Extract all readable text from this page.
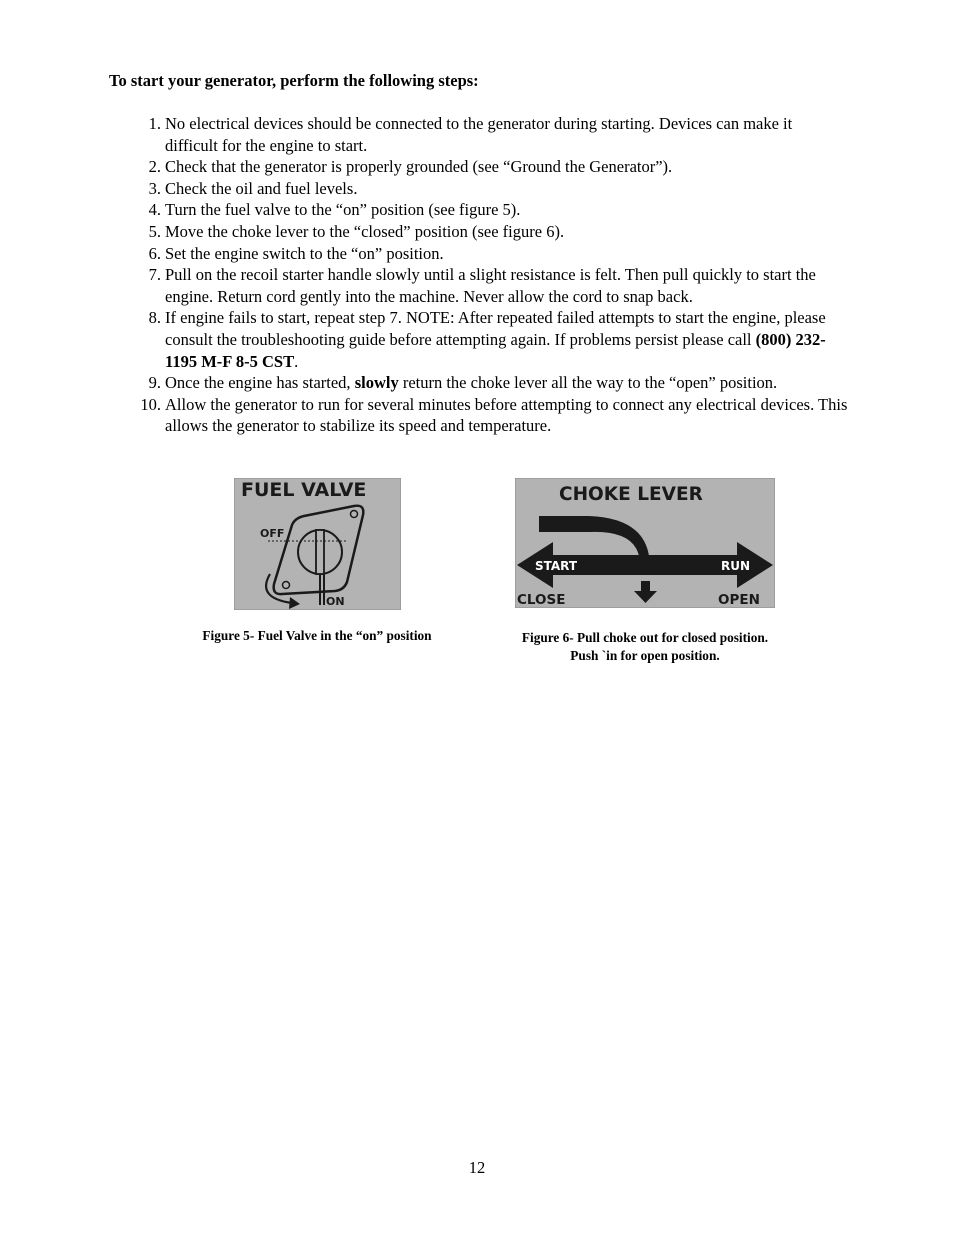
To start your generator, perform the following steps:

1. No electrical devices should be connected to the generator during starting. Devices can make it difficult for the engine to start.
2. Check that the generator is properly grounded (see “Ground the Generator”).
3. Check the oil and fuel levels.
4. Turn the fuel valve to the “on” position (see figure 5).
5. Move the choke lever to the “closed” position (see figure 6).
6. Set the engine switch to the “on” position.
7. Pull on the recoil starter handle slowly until a slight resistance is felt. Then pull quickly to start the engine. Return cord gently into the machine. Never allow the cord to snap back.
8. If engine fails to start, repeat step 7. NOTE: After repeated failed attempts to start the engine, please consult the troubleshooting guide before attempting again. If problems persist please call (800) 232-1195 M-F 8-5 CST.
9. Once the engine has started, slowly return the choke lever all the way to the “open” position.
10. Allow the generator to run for several minutes before attempting to connect any electrical devices. This allows the generator to stabilize its speed and temperature.
FUEL VALVE
OFF
ON
CHOKE LEVER
START	RUN
CLOSE	OPEN

Figure 5- Fuel Valve in the “on” position	Figure 6- Pull choke out for closed position.
Push `in for open position.
12
